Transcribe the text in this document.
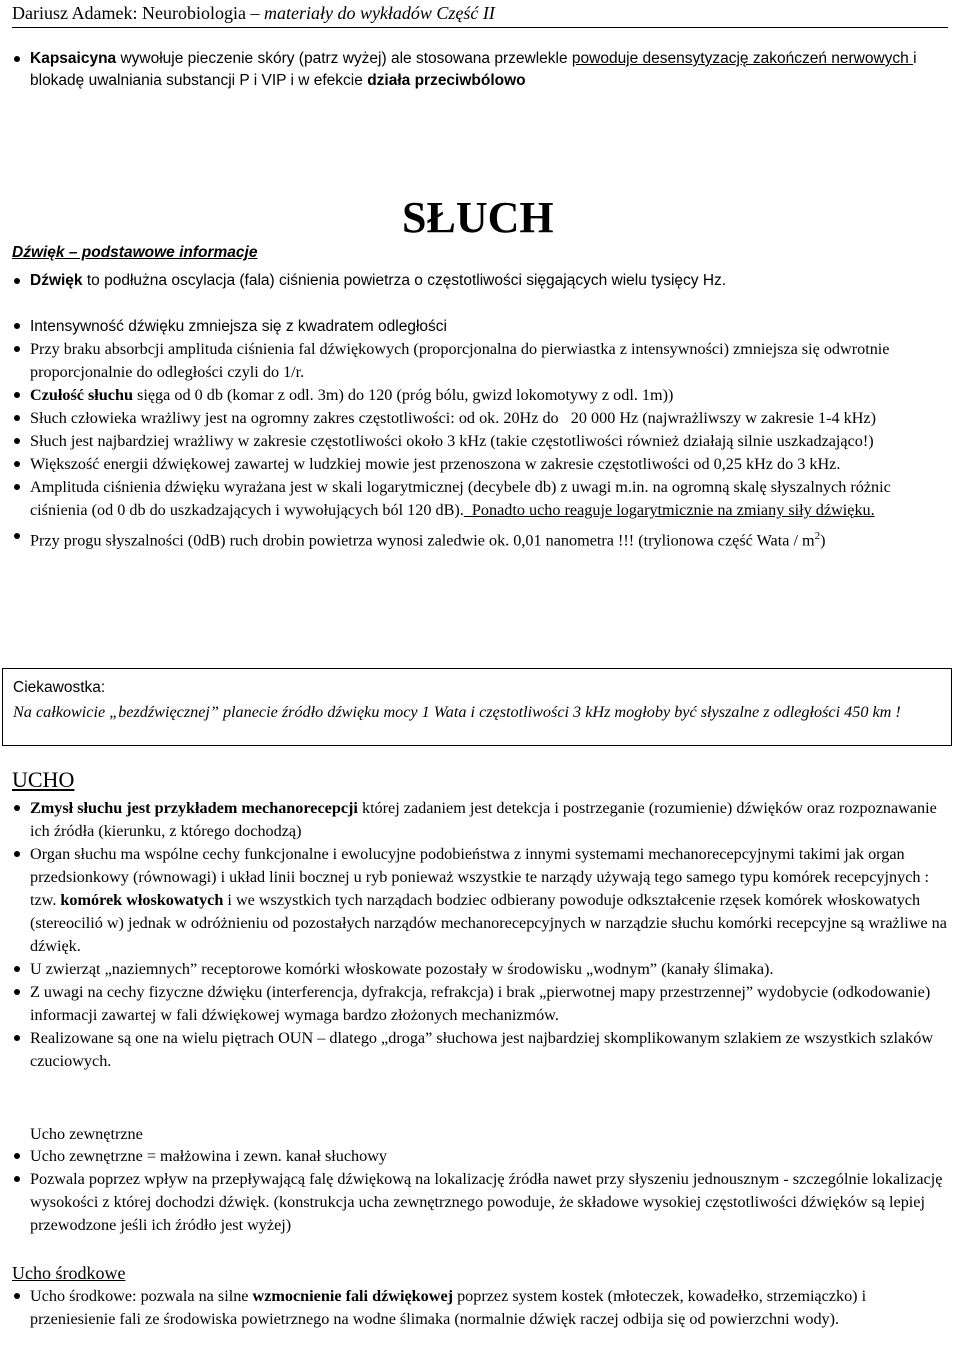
Dariusz Adamek: Neurobiologia – materiały do wykładów Część II
Kapsaicyna wywołuje pieczenie skóry (patrz wyżej) ale stosowana przewlekle powoduje desensytyzację zakończeń nerwowych i blokadę uwalniania substancji P i VIP i w efekcie działa przeciwbólowo
SŁUCH
Dźwięk – podstawowe informacje
Dźwięk to podłużna oscylacja (fala) ciśnienia powietrza o częstotliwości sięgających wielu tysięcy Hz.
Intensywność dźwięku zmniejsza się z kwadratem odległości
Przy braku absorbcji amplituda ciśnienia fal dźwiękowych (proporcjonalna do pierwiastka z intensywności) zmniejsza się odwrotnie proporcjonalnie do odległości czyli do 1/r.
Czułość słuchu sięga od 0 db (komar z odl. 3m) do 120 (próg bólu, gwizd lokomotywy z odl. 1m))
Słuch człowieka wrażliwy jest na ogromny zakres częstotliwości: od ok. 20Hz do   20 000 Hz (najwrażliwszy w zakresie 1-4 kHz)
Słuch jest najbardziej wrażliwy w zakresie częstotliwości około 3 kHz (takie częstotliwości również działają silnie uszkadzająco!)
Większość energii dźwiękowej zawartej w ludzkiej mowie jest przenoszona w zakresie częstotliwości od 0,25 kHz do 3 kHz.
Amplituda ciśnienia dźwięku wyrażana jest w skali logarytmicznej (decybele db) z uwagi m.in. na ogromną skalę słyszalnych różnic ciśnienia (od 0 db do uszkadzających i wywołujących ból 120 dB).  Ponadto ucho reaguje logarytmicznie na zmiany siły dźwięku.
Przy progu słyszalności (0dB) ruch drobin powietrza wynosi zaledwie ok. 0,01 nanometra !!! (trylionowa część Wata / $m^2$)
Ciekawostka:
Na całkowicie „bezdźwięcznej” planecie źródło dźwięku mocy 1 Wata i częstotliwości 3 kHz mogłoby być słyszalne z odległości 450 km !
UCHO
Zmysł słuchu jest przykładem mechanorecepcji której zadaniem jest detekcja i postrzeganie (rozumienie) dźwięków oraz rozpoznawanie ich źródła (kierunku, z którego dochodzą)
Organ słuchu ma wspólne cechy funkcjonalne i ewolucyjne podobieństwa z innymi systemami mechanorecepcyjnymi takimi jak organ przedsionkowy (równowagi) i układ linii bocznej u ryb ponieważ wszystkie te narządy używają tego samego typu komórek recepcyjnych : tzw. komórek włoskowatych i we wszystkich tych narządach bodziec odbierany powoduje odkształcenie rzęsek komórek włoskowatych (stereocilió w) jednak w odróżnieniu od pozostałych narządów mechanorecepcyjnych w narządzie słuchu komórki recepcyjne są wrażliwe na dźwięk.
U zwierząt „naziemnych” receptorowe komórki włoskowate pozostały w środowisku „wodnym” (kanały ślimaka).
Z uwagi na cechy fizyczne dźwięku (interferencja, dyfrakcja, refrakcja) i brak „pierwotnej mapy przestrzennej” wydobycie (odkodowanie) informacji zawartej w fali dźwiękowej wymaga bardzo złożonych mechanizmów.
Realizowane są one na wielu piętrach OUN – dlatego „droga” słuchowa jest najbardziej skomplikowanym szlakiem ze wszystkich szlaków czuciowych.
Ucho zewnętrzne
Ucho zewnętrzne = małżowina i zewn. kanał słuchowy
Pozwala poprzez wpływ na przepływającą falę dźwiękową na lokalizację źródła nawet przy słyszeniu jednousznym - szczególnie lokalizację wysokości z której dochodzi dźwięk. (konstrukcja ucha zewnętrznego powoduje, że składowe wysokiej częstotliwości dźwięków są lepiej przewodzone jeśli ich źródło jest wyżej)
Ucho środkowe
Ucho środkowe: pozwala na silne wzmocnienie fali dźwiękowej poprzez system kostek (młoteczek, kowadełko, strzemiączko) i przeniesienie fali ze środowiska powietrznego na wodne ślimaka (normalnie dźwięk raczej odbija się od powierzchni wody).
